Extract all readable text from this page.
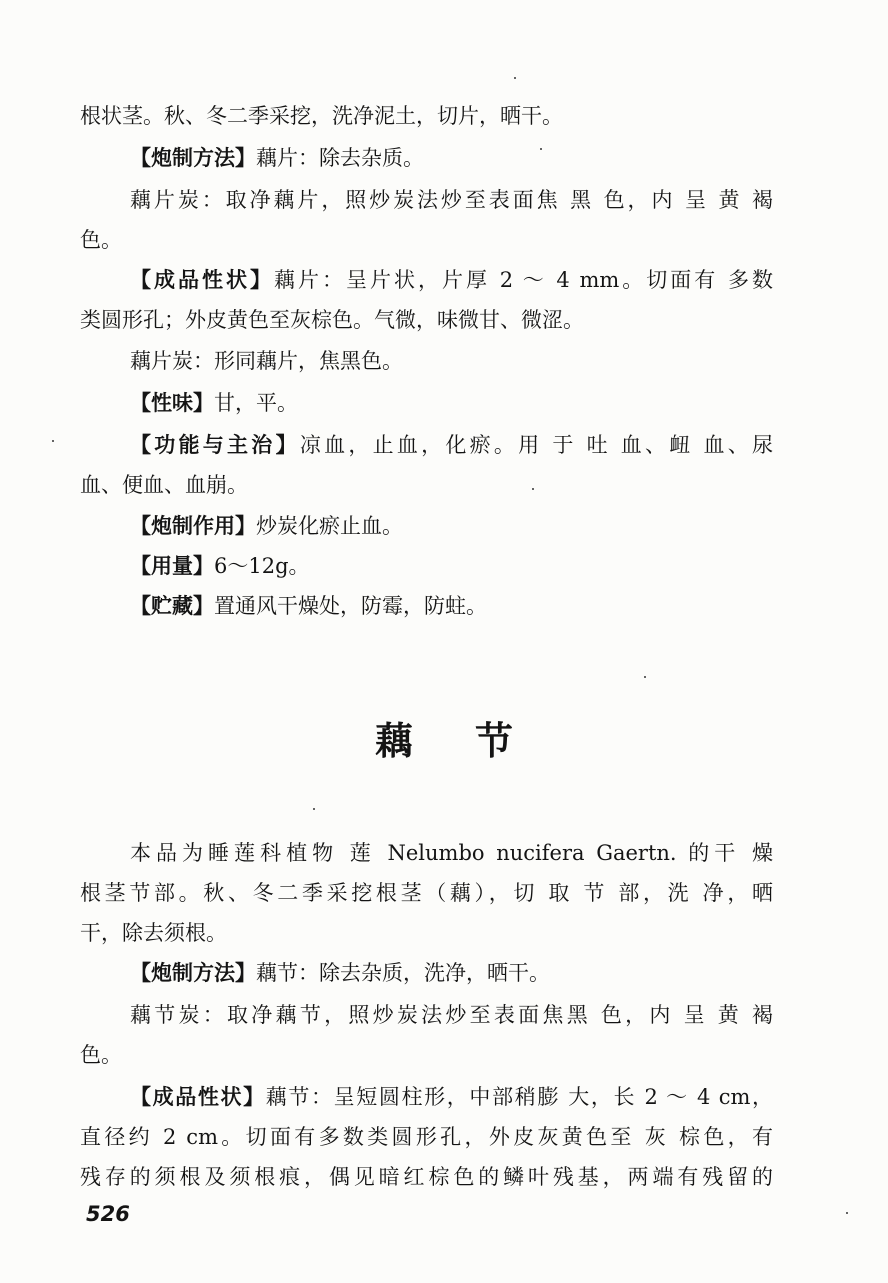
根状茎。秋、冬二季采挖，洗净泥土，切片，晒干。
【炮制方法】藕片：除去杂质。
藕片炭：取净藕片，照炒炭法炒至表面焦 黑 色，内 呈 黄 褐
色。
【成品性状】藕片：呈片状，片厚 2 ～ 4 mm。切面有 多数
类圆形孔；外皮黄色至灰棕色。气微，味微甘、微涩。
藕片炭：形同藕片，焦黑色。
【性味】甘，平。
【功能与主治】凉血，止血，化瘀。用 于 吐 血、衄 血、尿
血、便血、血崩。
【炮制作用】炒炭化瘀止血。
【用量】6～12g。
【贮藏】置通风干燥处，防霉，防蛀。
藕节
本品为睡莲科植物 莲 Nelumbo nucifera Gaertn. 的干 燥
根茎节部。秋、冬二季采挖根茎（藕），切 取 节 部，洗 净，晒
干，除去须根。
【炮制方法】藕节：除去杂质，洗净，晒干。
藕节炭：取净藕节，照炒炭法炒至表面焦黑 色，内 呈 黄 褐
色。
【成品性状】藕节：呈短圆柱形，中部稍膨 大，长 2 ～ 4 cm，
直径约 2 cm。切面有多数类圆形孔，外皮灰黄色至 灰 棕色，有
残存的须根及须根痕，偶见暗红棕色的鳞叶残基，两端有残留的
526
